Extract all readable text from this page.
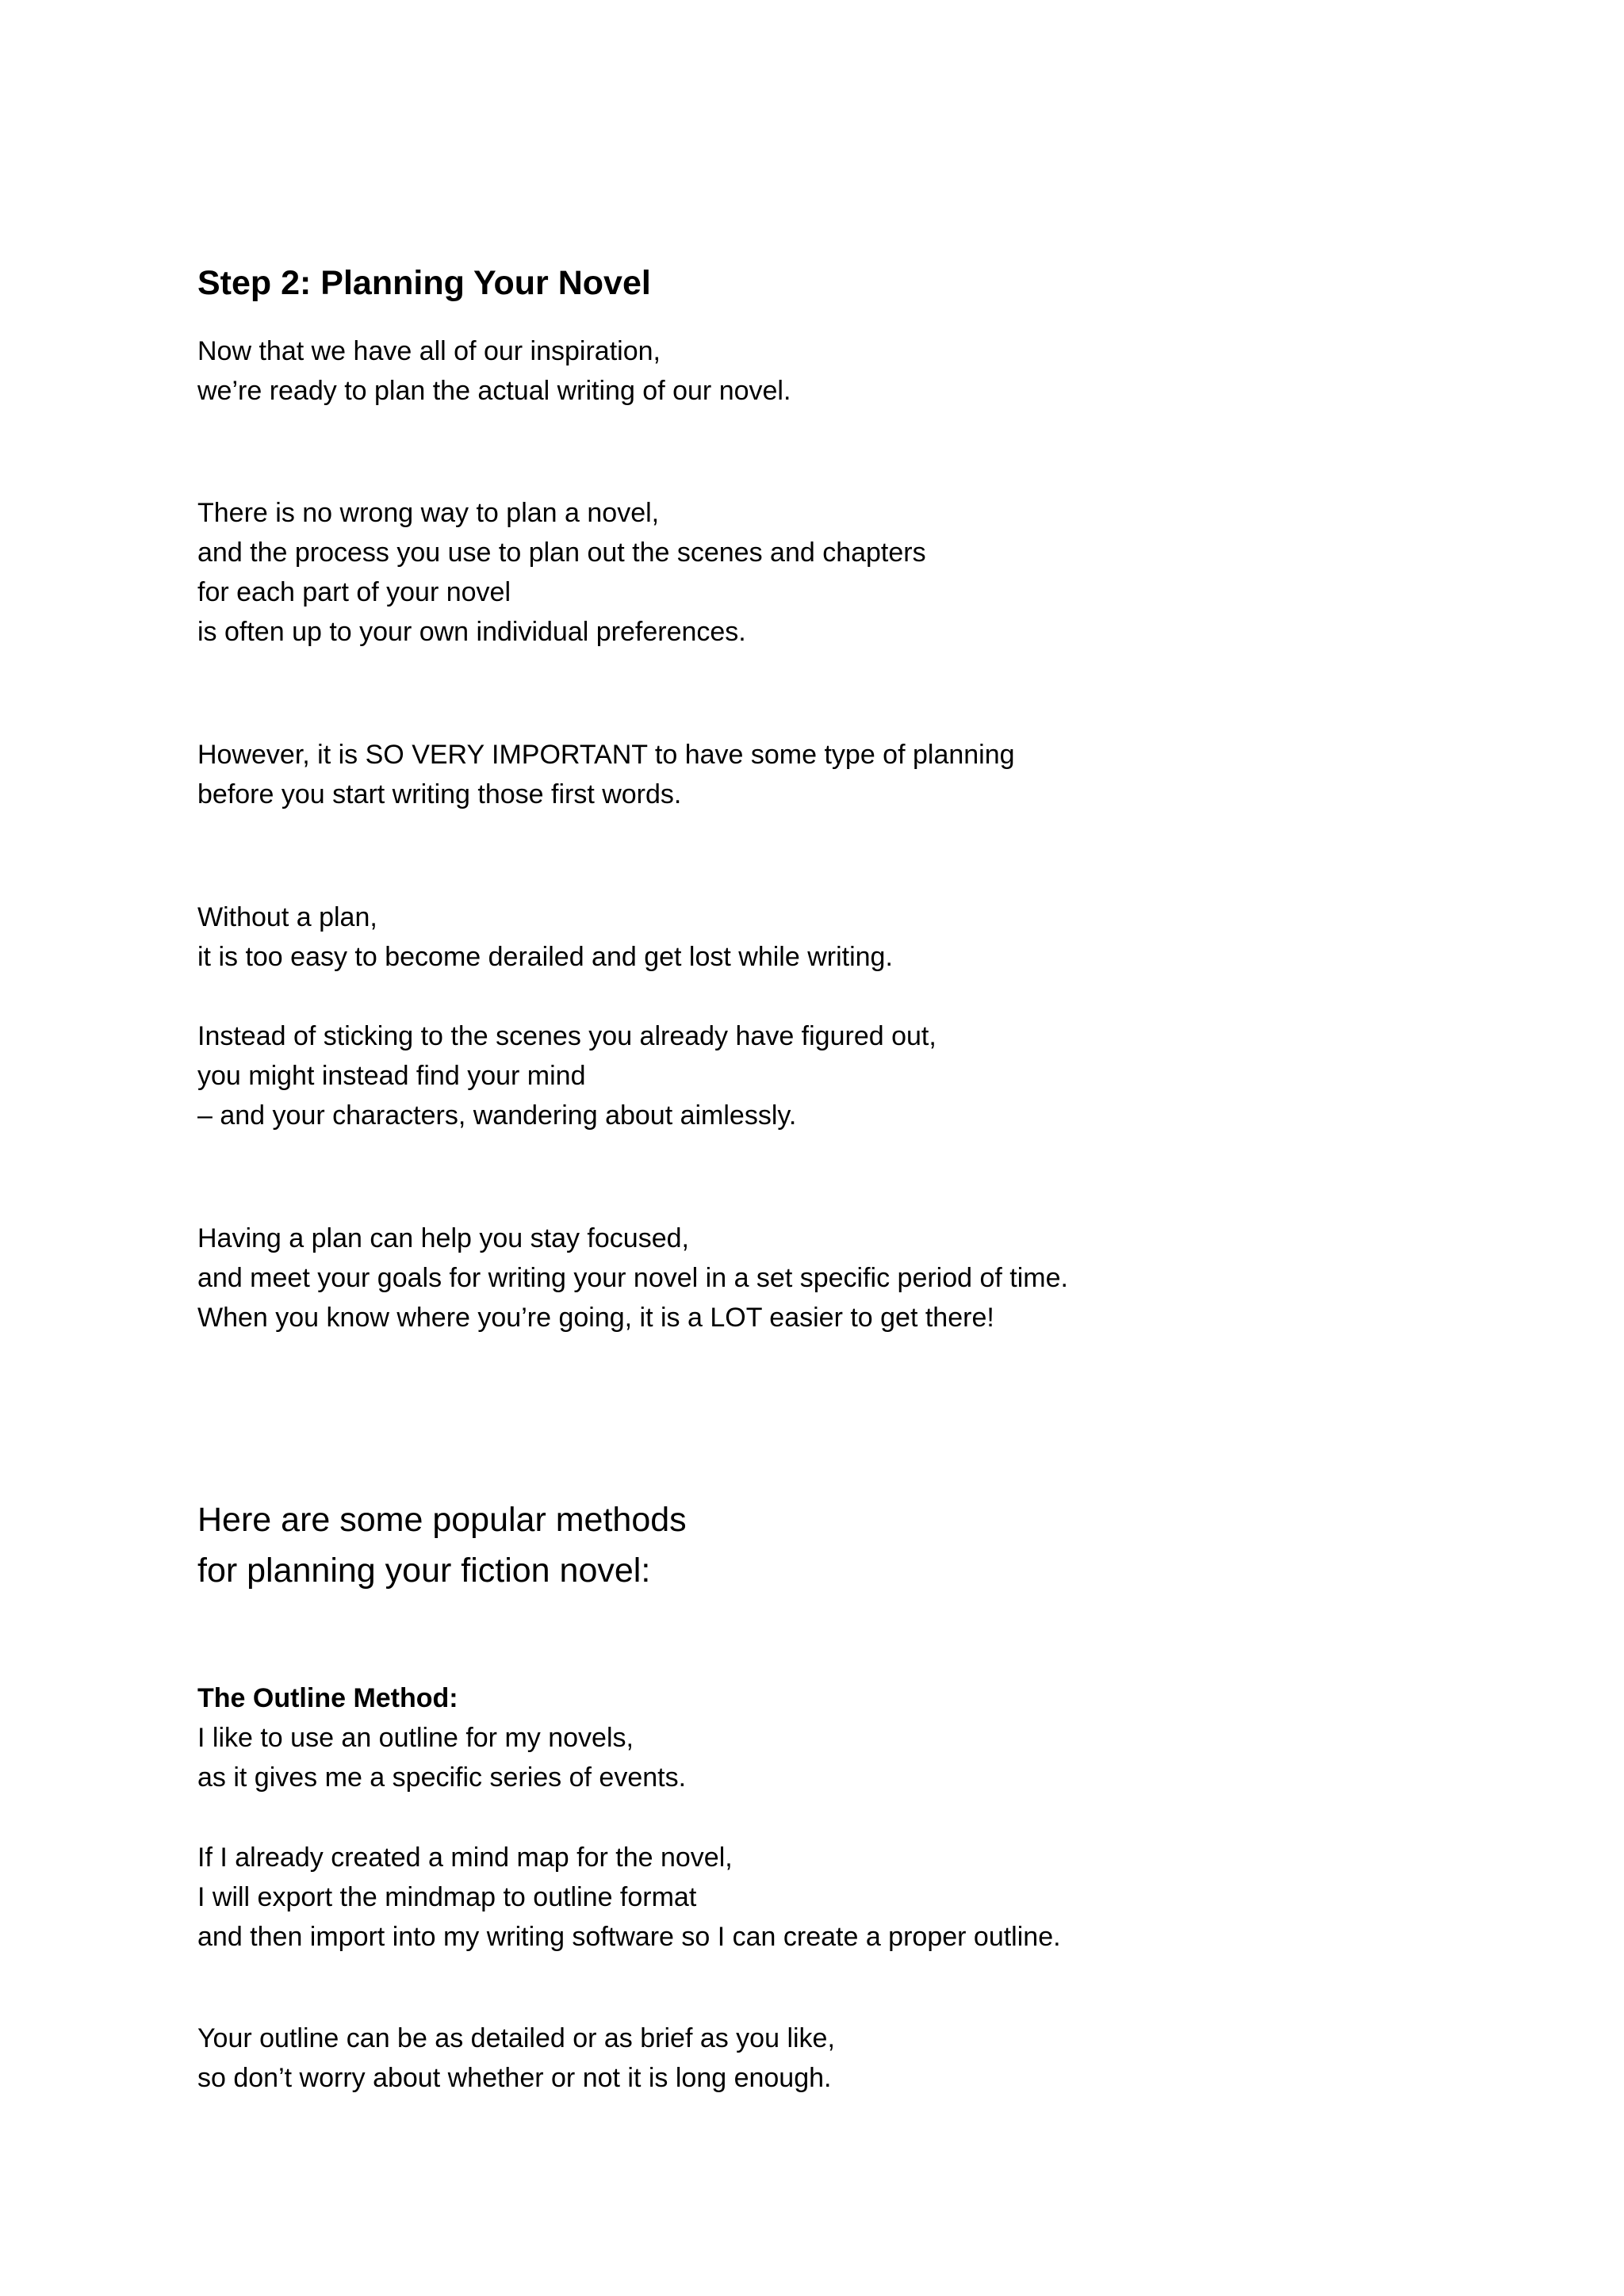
Step 2: Planning Your Novel
Now that we have all of our inspiration,
we’re ready to plan the actual writing of our novel.
There is no wrong way to plan a novel,
and the process you use to plan out the scenes and chapters
for each part of your novel
is often up to your own individual preferences.
However, it is SO VERY IMPORTANT to have some type of planning
before you start writing those first words.
Without a plan,
it is too easy to become derailed and get lost while writing.
Instead of sticking to the scenes you already have figured out,
you might instead find your mind
– and your characters, wandering about aimlessly.
Having a plan can help you stay focused,
and meet your goals for writing your novel in a set specific period of time.
When you know where you’re going, it is a LOT easier to get there!
Here are some popular methods
for planning your fiction novel:
The Outline Method:
I like to use an outline for my novels,
as it gives me a specific series of events.
If I already created a mind map for the novel,
I will export the mindmap to outline format
and then import into my writing software so I can create a proper outline.
Your outline can be as detailed or as brief as you like,
so don’t worry about whether or not it is long enough.
